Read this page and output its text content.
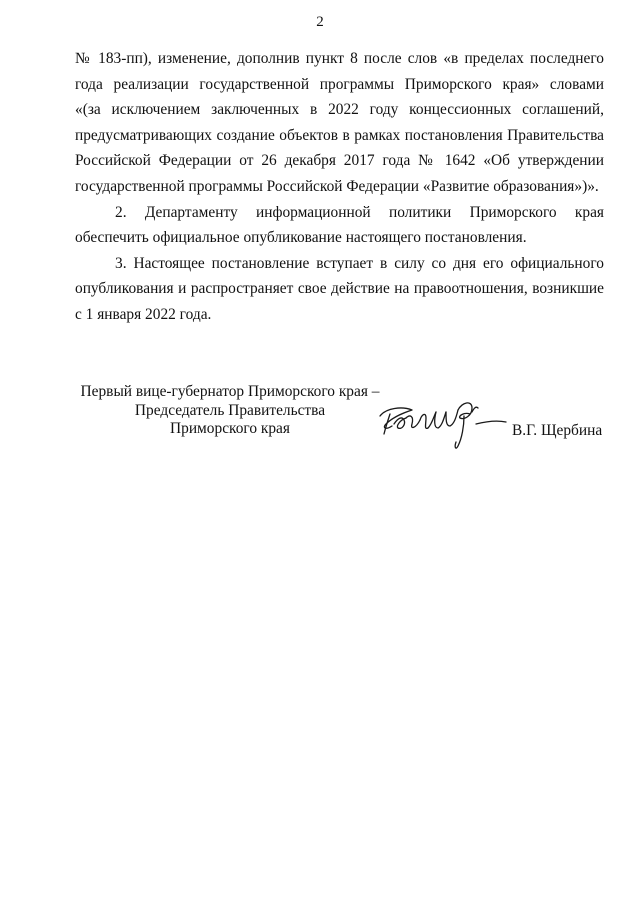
2

№ 183-пп), изменение, дополнив пункт 8 после слов «в пределах последнего
года реализации государственной программы Приморского края» словами
«(за исключением заключенных в 2022 году концессионных соглашений,
предусматривающих создание объектов в рамках постановления Правительства
Российской Федерации от 26 декабря 2017 года № 1642 «Об утверждении
государственной программы Российской Федерации «Развитие образования»)».

2. Департаменту информационной политики Приморского края
обеспечить официальное опубликование настоящего постановления.

3. Настоящее постановление вступает в силу со дня его официального
опубликования и распространяет свое действие на правоотношения, возникшие
с 1 января 2022 года.

Первый вице-губернатор Приморского края –
Председатель Правительства
Приморского края	В.Г. Щербина
